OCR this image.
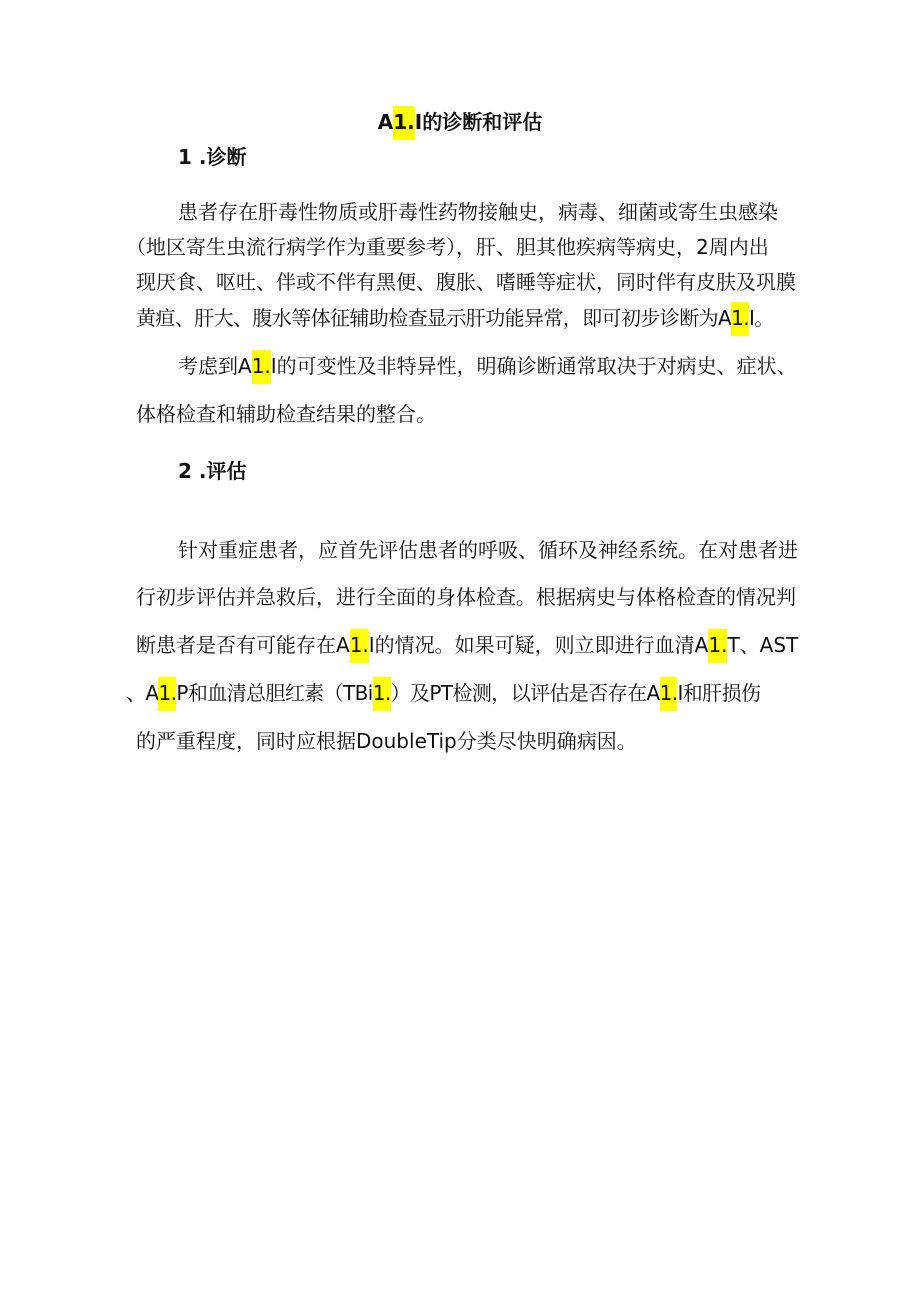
A1.I的诊断和评估
1 .诊断
患者存在肝毒性物质或肝毒性药物接触史，病毒、细菌或寄生虫感染
（地区寄生虫流行病学作为重要参考），肝、胆其他疾病等病史，2周内出
现厌食、呕吐、伴或不伴有黑便、腹胀、嗜睡等症状，同时伴有皮肤及巩膜
黄疸、肝大、腹水等体征辅助检查显示肝功能异常，即可初步诊断为A1.I。
考虑到A1.I的可变性及非特异性，明确诊断通常取决于对病史、症状、
体格检查和辅助检查结果的整合。
2 .评估
针对重症患者，应首先评估患者的呼吸、循环及神经系统。在对患者进
行初步评估并急救后，进行全面的身体检查。根据病史与体格检查的情况判
断患者是否有可能存在A1.I的情况。如果可疑，则立即进行血清A1.T、AST
、A1.P和血清总胆红素（TBi1.）及PT检测，以评估是否存在A1.I和肝损伤
的严重程度，同时应根据DoubleTip分类尽快明确病因。
